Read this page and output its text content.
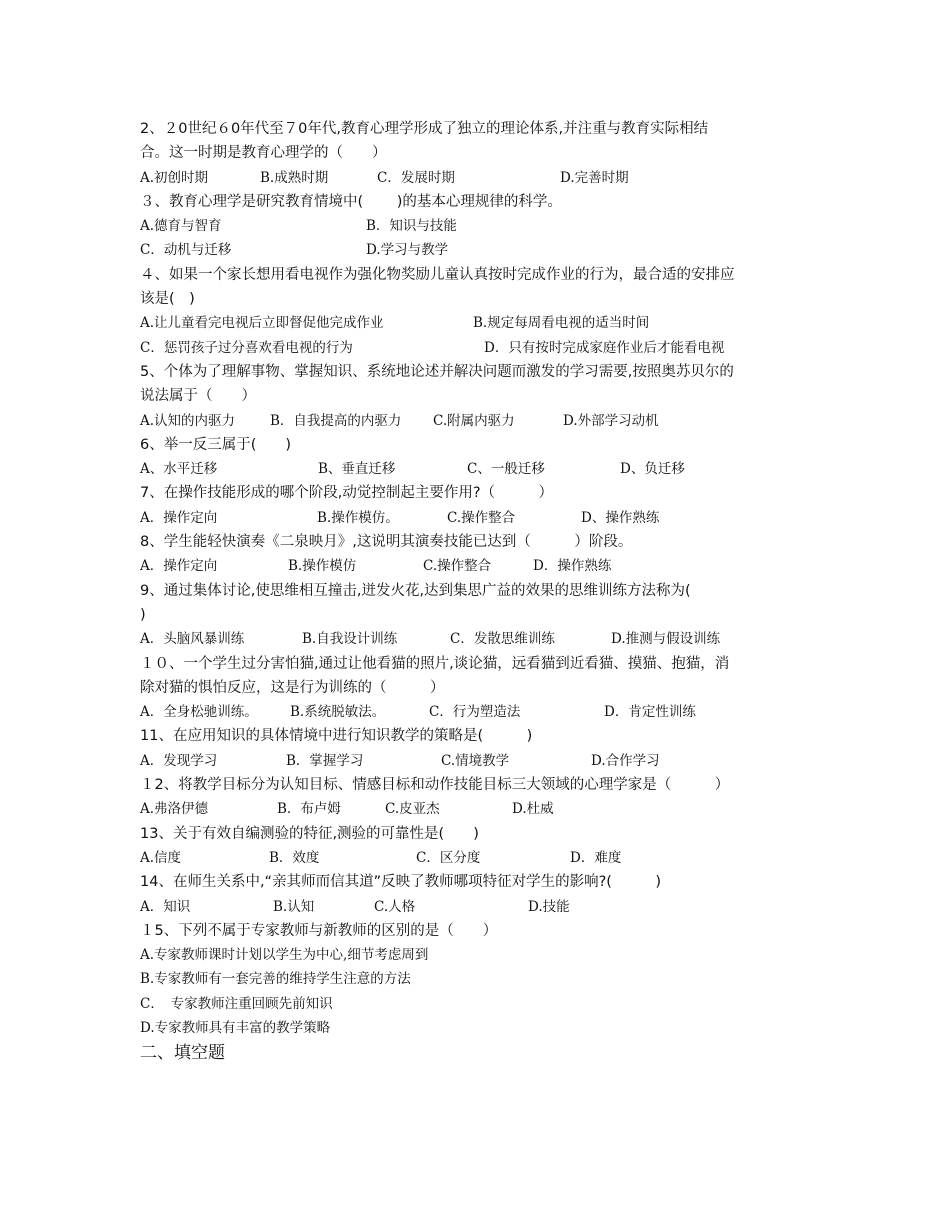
2、２0世纪６0年代至７0年代,教育心理学形成了独立的理论体系,并注重与教育实际相结
合。这一时期是教育心理学的（　　）
A.初创时期	B.成熟时期	C．发展时期	D.完善时期
３、教育心理学是研究教育情境中(　　 )的基本心理规律的科学。
A.德育与智育	B．知识与技能
C．动机与迁移	D.学习与教学
４、如果一个家长想用看电视作为强化物奖励儿童认真按时完成作业的行为，最合适的安排应
该是(　)
A.让儿童看完电视后立即督促他完成作业	B.规定每周看电视的适当时间
C．惩罚孩子过分喜欢看电视的行为	D．只有按时完成家庭作业后才能看电视
5、个体为了理解事物、掌握知识、系统地论述并解决问题而激发的学习需要,按照奥苏贝尔的
说法属于（　　）
A.认知的内驱力	B．自我提高的内驱力 C.附属内驱力	D.外部学习动机
6、举一反三属于(　　)
A、水平迁移	B、垂直迁移	C、一般迁移	D、负迁移
7、在操作技能形成的哪个阶段,动觉控制起主要作用?（　　　）
A．操作定向	B.操作模仿。	C.操作整合	D、操作熟练
8、学生能轻快演奏《二泉映月》,这说明其演奏技能已达到（　　　）阶段。
A．操作定向	B.操作模仿	C.操作整合	D．操作熟练
9、通过集体讨论,使思维相互撞击,迸发火花,达到集思广益的效果的思维训练方法称为(
)
A．头脑风暴训练	B.自我设计训练	C．发散思维训练	D.推测与假设训练
１０、一个学生过分害怕猫,通过让他看猫的照片,谈论猫，远看猫到近看猫、摸猫、抱猫，消
除对猫的惧怕反应，这是行为训练的（　　　）
A．全身松驰训练。 B.系统脱敏法。	C．行为塑造法	D．肯定性训练
11、在应用知识的具体情境中进行知识教学的策略是(　　　)
A．发现学习	B．掌握学习	C.情境教学	D.合作学习
１2、将教学目标分为认知目标、情感目标和动作技能目标三大领域的心理学家是（　　　）
A.弗洛伊德	B．布卢姆	C.皮亚杰	D.杜威
13、关于有效自编测验的特征,测验的可靠性是(　　)
A.信度	B．效度	C．区分度	D．难度
14、在师生关系中,“亲其师而信其道”反映了教师哪项特征对学生的影响?(　　　)
A．知识	B.认知	C.人格	D.技能
１5、下列不属于专家教师与新教师的区别的是（　　）
A.专家教师课时计划以学生为中心,细节考虑周到
B.专家教师有一套完善的维持学生注意的方法
C．　专家教师注重回顾先前知识
D.专家教师具有丰富的教学策略
二、填空题
